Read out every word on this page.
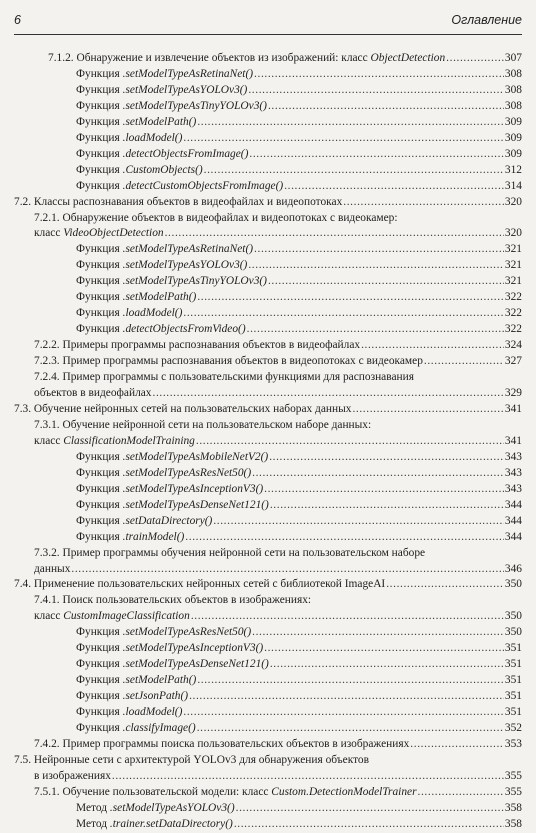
6	Оглавление
7.1.2. Обнаружение и извлечение объектов из изображений: класс ObjectDetection .....	307
Функция .setModelTypeAsRetinaNet() .....	308
Функция .setModelTypeAsYOLOv3() .....	308
Функция .setModelTypeAsTinyYOLOv3() .....	308
Функция .setModelPath() .....	309
Функция .loadModel() .....	309
Функция .detectObjectsFromImage() .....	309
Функция .CustomObjects() .....	312
Функция .detectCustomObjectsFromImage() .....	314
7.2. Классы распознавания объектов в видеофайлах и видеопотоках .....	320
7.2.1. Обнаружение объектов в видеофайлах и видеопотоках с видеокамер:
класс VideoObjectDetection .....	320
Функция .setModelTypeAsRetinaNet() .....	321
Функция .setModelTypeAsYOLOv3() .....	321
Функция .setModelTypeAsTinyYOLOv3() .....	321
Функция .setModelPath() .....	322
Функция .loadModel() .....	322
Функция .detectObjectsFromVideo() .....	322
7.2.2. Примеры программы распознавания объектов в видеофайлах .....	324
7.2.3. Пример программы распознавания объектов в видеопотоках с видеокамер .....	327
7.2.4. Пример программы с пользовательскими функциями для распознавания
объектов в видеофайлах .....	329
7.3. Обучение нейронных сетей на пользовательских наборах данных .....	341
7.3.1. Обучение нейронной сети на пользовательском наборе данных:
класс ClassificationModelTraining .....	341
Функция .setModelTypeAsMobileNetV2() .....	343
Функция .setModelTypeAsResNet50() .....	343
Функция .setModelTypeAsInceptionV3() .....	343
Функция .setModelTypeAsDenseNet121() .....	344
Функция .setDataDirectory() .....	344
Функция .trainModel() .....	344
7.3.2. Пример программы обучения нейронной сети на пользовательском наборе
данных .....	346
7.4. Применение пользовательских нейронных сетей с библиотекой ImageAI .....	350
7.4.1. Поиск пользовательских объектов в изображениях:
класс CustomImageClassification .....	350
Функция .setModelTypeAsResNet50() .....	350
Функция .setModelTypeAsInceptionV3() .....	351
Функция .setModelTypeAsDenseNet121() .....	351
Функция .setModelPath() .....	351
Функция .setJsonPath() .....	351
Функция .loadModel() .....	351
Функция .classifyImage() .....	352
7.4.2. Пример программы поиска пользовательских объектов в изображениях .....	353
7.5. Нейронные сети с архитектурой YOLOv3 для обнаружения объектов
в изображениях .....	355
7.5.1. Обучение пользовательской модели: класс Custom.DetectionModelTrainer .....	355
Метод .setModelTypeAsYOLOv3() .....	358
Метод .trainer.setDataDirectory() .....	358
